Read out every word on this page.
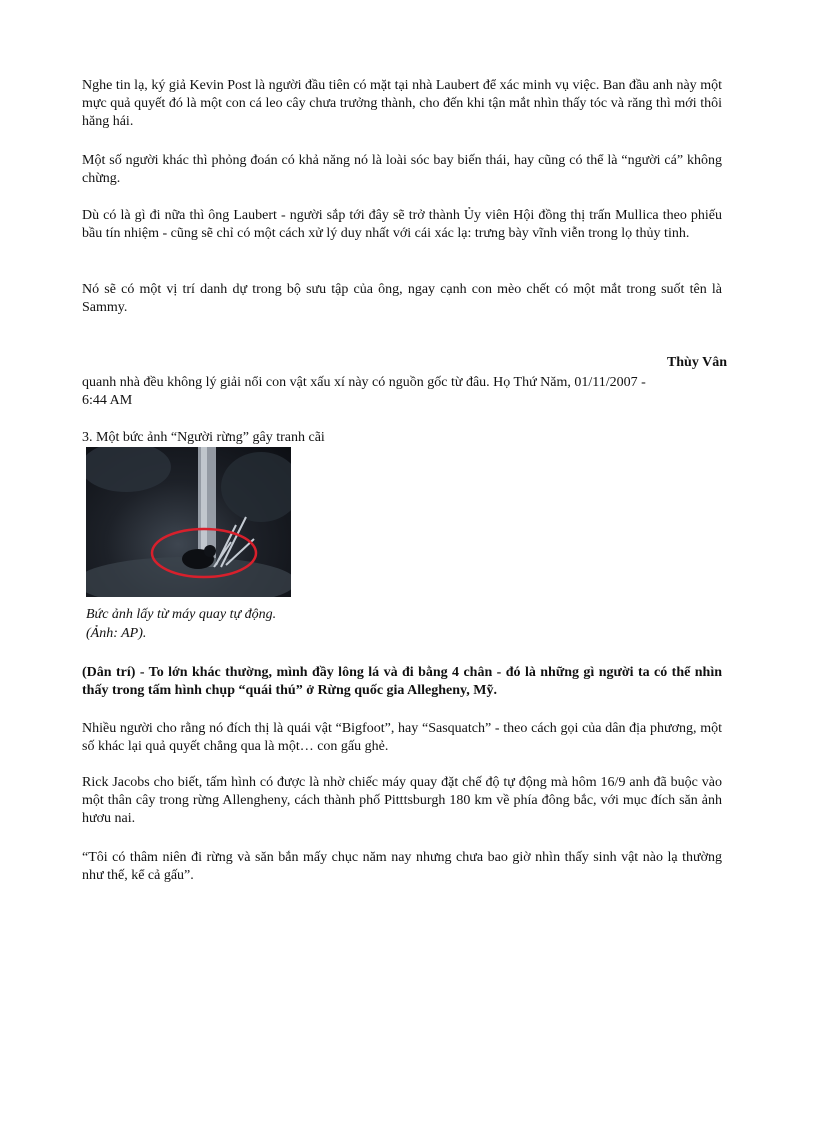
Nghe tin lạ, ký giả Kevin Post là người đầu tiên có mặt tại nhà Laubert để xác minh vụ việc. Ban đầu anh này một mực quả quyết đó là một con cá leo cây chưa trưởng thành, cho đến khi tận mắt nhìn thấy tóc và răng thì mới thôi hăng hái.

Một số người khác thì phỏng đoán có khả năng nó là loài sóc bay biến thái, hay cũng có thể là “người cá” không chừng.

Dù có là gì đi nữa thì ông Laubert - người sắp tới đây sẽ trở thành Ủy viên Hội đồng thị trấn Mullica theo phiếu bầu tín nhiệm - cũng sẽ chỉ có một cách xử lý duy nhất với cái xác lạ: trưng bày vĩnh viễn trong lọ thủy tinh.

Nó sẽ có một vị trí danh dự trong bộ sưu tập của ông, ngay cạnh con mèo chết có một mắt trong suốt tên là Sammy.

Thùy Vân

quanh nhà đều không lý giải nổi con vật xấu xí này có nguồn gốc từ đâu. Họ Thứ Năm, 01/11/2007 - 6:44 AM

3. Một bức ảnh “Người rừng” gây tranh cãi

Bức ảnh lấy từ máy quay tự động. (Ảnh: AP).

(Dân trí) - To lớn khác thường, mình đầy lông lá và đi bằng 4 chân - đó là những gì người ta có thể nhìn thấy trong tấm hình chụp “quái thú” ở Rừng quốc gia Allegheny, Mỹ.

Nhiều người cho rằng nó đích thị là quái vật “Bigfoot”, hay “Sasquatch” - theo cách gọi của dân địa phương, một số khác lại quả quyết chẳng qua là một… con gấu ghẻ.

Rick Jacobs cho biết, tấm hình có được là nhờ chiếc máy quay đặt chế độ tự động mà hôm 16/9 anh đã buộc vào một thân cây trong rừng Allenghen​y, cách thành phố Pitttsburgh 180 km về phía đông bắc, với mục đích săn ảnh hươu nai.

“Tôi có thâm niên đi rừng và săn bắn mấy chục năm nay nhưng chưa bao giờ nhìn thấy sinh vật nào lạ thường như thế, kể cả gấu”.
